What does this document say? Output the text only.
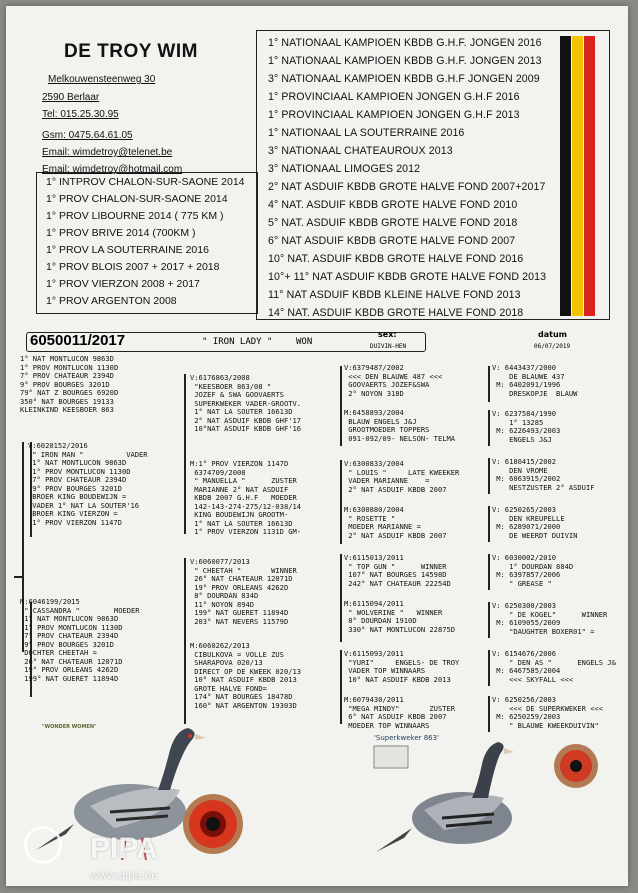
DE TROY WIM
Melkouwensteenweg 30
2590 Berlaar
Tel: 015.25.30.95
Gsm: 0475.64.61.05
Email: wimdetroy@telenet.be
Email: wimdetroy@hotmail.com
1° INTPROV CHALON-SUR-SAONE 2014
1° PROV CHALON-SUR-SAONE 2014
1° PROV LIBOURNE 2014 ( 775 KM )
1° PROV BRIVE 2014 (700KM )
1° PROV LA SOUTERRAINE 2016
1° PROV BLOIS 2007 + 2017 + 2018
1° PROV VIERZON 2008 + 2017
1° PROV ARGENTON 2008
1° NATIONAAL KAMPIOEN KBDB G.H.F. JONGEN 2016
1° NATIONAAL KAMPIOEN KBDB G.H.F. JONGEN 2013
3° NATIONAAL KAMPIOEN KBDB G.H.F JONGEN 2009
1° PROVINCIAAL KAMPIOEN JONGEN G.H.F 2016
1° PROVINCIAAL KAMPIOEN JONGEN G.H.F 2013
1° NATIONAAL LA SOUTERRAINE 2016
3° NATIONAAL CHATEAUROUX 2013
3° NATIONAAL LIMOGES 2012
2° NAT ASDUIF KBDB GROTE HALVE FOND 2007+2017
4° NAT. ASDUIF KBDB GROTE HALVE FOND 2010
5° NAT. ASDUIF KBDB GROTE HALVE FOND 2018
6° NAT ASDUIF KBDB GROTE HALVE FOND 2007
10° NAT. ASDUIF KBDB GROTE HALVE FOND 2016
10°+ 11° NAT ASDUIF KBDB GROTE HALVE FOND 2013
11° NAT ASDUIF KBDB KLEINE HALVE FOND 2013
14° NAT. ASDUIF KBDB GROTE HALVE FOND 2018
6050011/2017	" IRON LADY "	WON
sex:
DUIVIN-HEN
datum
06/07/2019
1° NAT MONTLUCON 9863D
1° PROV MONTLUCON 1130D
7° PROV CHATEAUR 2394D
9° PROV BOURGES 3201D
79° NAT Z BOURGES 6920D
350° NAT BOURGES 19133
KLEINKIND KEESBOER 863
V:6020152/2016
" IRON MAN "          VADER
1° NAT MONTLUCON 9863D
1° PROV MONTLUCON 1130D
7° PROV CHATEAUR 2394D
9° PROV BOURGES 3201D
BROER KING BOUDEWIJN =
VADER 1° NAT LA SOUTER'16
BROER KING VIERZON =
1° PROV VIERZON 1147D
M:6046199/2015
" CASSANDRA "        MOEDER
1° NAT MONTLUCON 9863D
1° PROV MONTLUCON 1130D
7° PROV CHATEAUR 2394D
9° PROV BOURGES 3201D
DOCHTER CHEETAH =
26° NAT CHATEAUR 12071D
19° PROV ORLEANS 4262D
199° NAT GUERET 11894D
V:6176863/2008
"KEESBOER 863/08 "
JOZEF & SWA GOOVAERTS
SUPERKWEKER VADER-GROOTV.
1° NAT LA SOUTER 16613D
2° NAT ASDUIF KBDB GHF'17
10°NAT ASDUIF KBDB GHF'16
M:1° PROV VIERZON 1147D
6374709/2008
" MANUELLA "      ZUSTER
MARIANNE 2° NAT ASDUIF
KBDB 2007 G.H.F   MOEDER
142-143-274-275/12-038/14
KING BOUDEWIJN GROOTM-
1° NAT LA SOUTER 16613D
1° PROV VIERZON 1131D GM-
V:6060077/2013
" CHEETAH "       WINNER
26° NAT CHATEAUR 12071D
19° PROV ORLEANS 4262D
8° DOURDAN 834D
11° NOYON 894D
199° NAT GUERET 11894D
203° NAT NEVERS 11579D
M:6060262/2013
CIBULKOVA = VOLLE ZUS
SHARAPOVA 020/13
DIRECT OP DE KWEEK 020/13
10° NAT ASDUIF KBDB 2013
GROTE HALVE FOND=
174° NAT BOURGES 18478D
160° NAT ARGENTON 19303D
V:6379487/2002
<<< DEN BLAUWE 487 <<<
GOOVAERTS JOZEF&SWA
2° NOYON 318D
M:6458893/2004
BLAUW ENGELS J&J
GROOTMOEDER TOPPERS
091-092/09- NELSON- TELMA
V:6300833/2004
" LOUIS "     LATE KWEEKER
VADER MARIANNE    =
2° NAT ASDUIF KBDB 2007
M:6300880/2004
" ROSETTE "
MOEDER MARIANNE =
2° NAT ASDUIF KBDB 2007
V:6115013/2011
" TOP GUN "      WINNER
107° NAT BOURGES 14598D
242° NAT CHATEAUR 22254D
M:6115094/2011
" WOLVERINE "   WINNER
8° DOURDAN 1910D
330° NAT MONTLUCON 22875D
V:6115093/2011
"YURI"     ENGELS- DE TROY
VADER TOP WINNAARS
10° NAT ASDUIF KBDB 2013
M:6079430/2011
"MEGA MINDY"       ZUSTER
6° NAT ASDUIF KBDB 2007
MOEDER TOP WINNAARS
V: 6443437/2000
DE BLAUWE 437
M: 6402091/1996
DRESKOPJE  BLAUW
V: 6237584/1990
1° 13285
M: 6226493/2003
ENGELS J&J
V: 6180415/2002
DEN VROME
M: 6063915/2002
NESTZUSTER 2° ASDUIF
V: 6250265/2003
DEN KREUPELLE
M: 6289071/2000
DE WEERDT DUIVIN
V: 6030002/2010
1° DOURDAN 884D
M: 6397857/2006
" GREASE "
V: 6250300/2003
" DE KOGEL"      WINNER
M: 6109055/2009
"DAUGHTER BOXER01" =
V: 6154676/2006
" DEN AS "      ENGELS J&
M: 6467585/2004
<<< SKYFALL <<<
V: 6250256/2003
<<< DE SUPERKWEKER <<<
M: 6250259/2003
" BLAUWE KWEEKDUIVIN"
"WONDER WOMEN"
'Superkweker 863'
PIPA
www.pipa.be
